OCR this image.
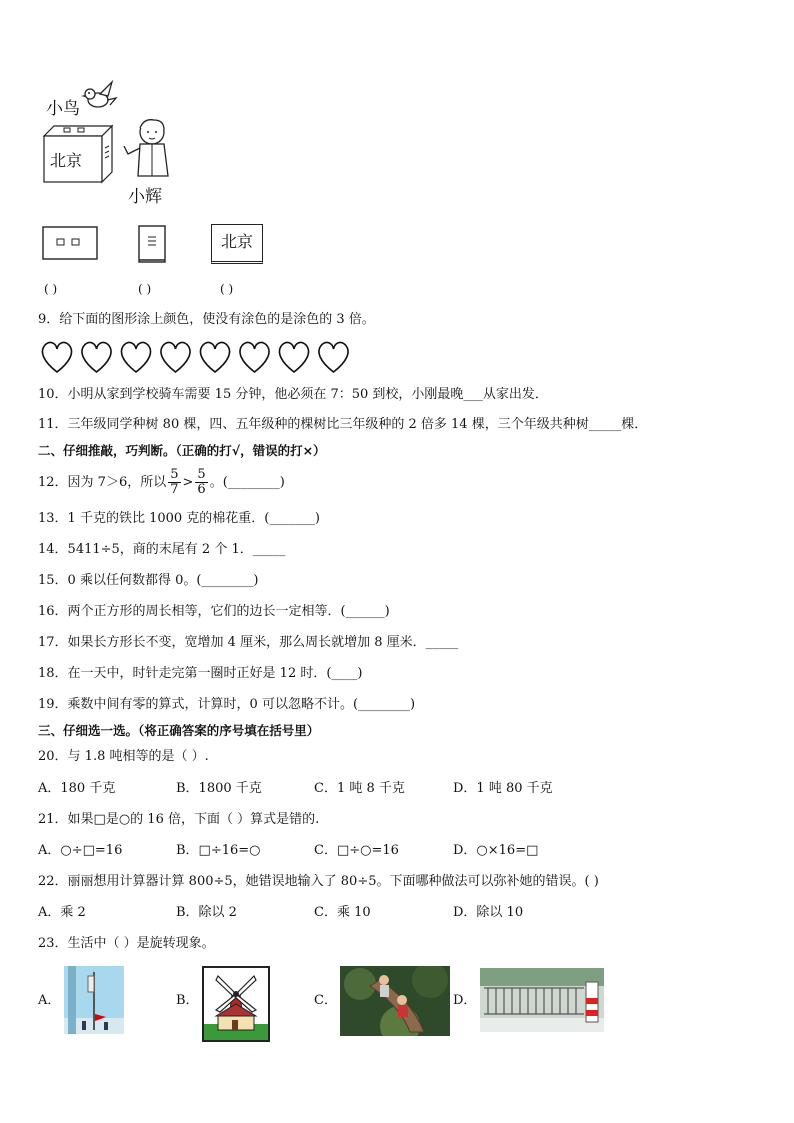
小鸟
北京
小辉
北京
( )	( )	( )
9．给下面的图形涂上颜色，使没有涂色的是涂色的 3 倍。
10．小明从家到学校骑车需要 15 分钟，他必须在 7：50 到校，小刚最晚___从家出发．
11．三年级同学种树 80 棵，四、五年级种的棵树比三年级种的 2 倍多 14 棵，三个年级共种树_____棵．
二、仔细推敲，巧判断。（正确的打√，错误的打×）
12．因为 7＞6，所以 $\frac{5}{7} > \frac{5}{6}$ 。(________)
13．1 千克的铁比 1000 克的棉花重．(_______)
14．5411÷5，商的末尾有 2 个 1．_____
15．0 乘以任何数都得 0。(________)
16．两个正方形的周长相等，它们的边长一定相等．(______)
17．如果长方形长不变，宽增加 4 厘米，那么周长就增加 8 厘米．_____
18．在一天中，时针走完第一圈时正好是 12 时．(____)
19．乘数中间有零的算式，计算时，0 可以忽略不计。(________)
三、仔细选一选。（将正确答案的序号填在括号里）
20．与 1.8 吨相等的是（ ）.
A．180 千克	B．1800 千克	C．1 吨 8 千克	D．1 吨 80 千克
21．如果□是○的 16 倍，下面（ ）算式是错的.
A．○÷□=16	B．□÷16=○	C．□÷○=16	D．○×16=□
22．丽丽想用计算器计算 800÷5，她错误地输入了 80÷5。下面哪种做法可以弥补她的错误。( )
A．乘 2	B．除以 2	C．乘 10	D．除以 10
23．生活中（ ）是旋转现象。
A．	B．	C．	D．
